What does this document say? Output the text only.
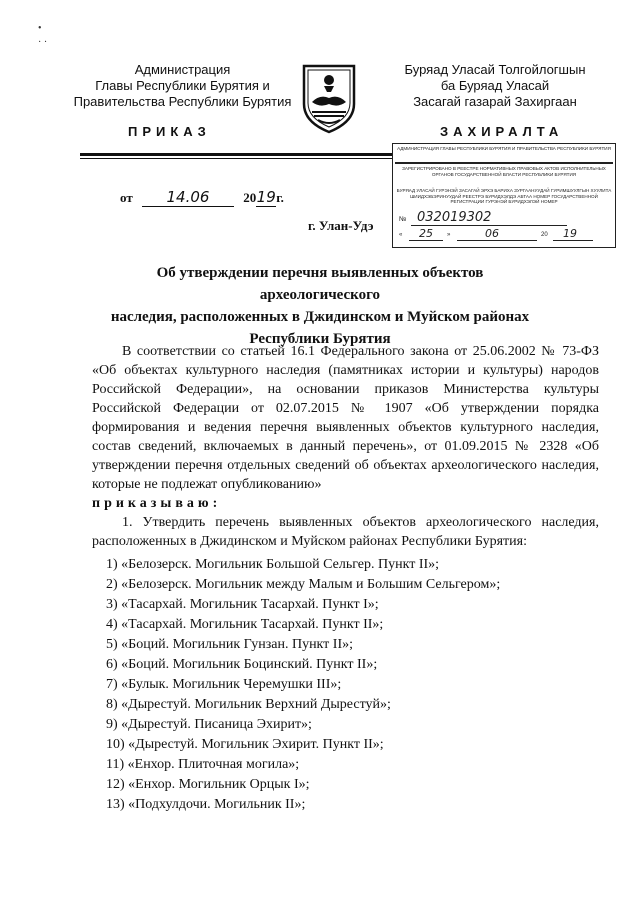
•
· ·
Администрация
Главы Республики Бурятия и
Правительства Республики Бурятия
Буряад Уласай Толгойлогшын
ба Буряад Уласай
Засагай газарай Захиргаан
ПРИКАЗ	ЗАХИРАЛТА
АДМИНИСТРАЦИЯ ГЛАВЫ РЕСПУБЛИКИ БУРЯТИЯ И ПРАВИТЕЛЬСТВА РЕСПУБЛИКИ БУРЯТИЯ
ЗАРЕГИСТРИРОВАНО В РЕЕСТРЕ НОРМАТИВНЫХ ПРАВОВЫХ АКТОВ ИСПОЛНИТЕЛЬНЫХ ОРГАНОВ ГОСУДАРСТВЕННОЙ ВЛАСТИ РЕСПУБЛИКИ БУРЯТИЯ
БУРЯАД УЛАСАЙ ГУРЭНЭЙ ЗАСАГАЙ ЭРХЭ БАРИХА ЗУРГААНУУДАЙ ГУРИМШУУЛГЫН ХУУЛИТА ШИИДХЭБЭРИНУУДАЙ РЕЕСТРЭ БУРИДХЭЛДЭ АБТАА НОМЕР ГОСУДАРСТВЕННОЙ РЕГИСТРАЦИИ ГУРЭНЭЙ БУРИДХЭЛЭЙ НОМЕР
№ 032019302
« 25 »	06	20 19
от 14.06	2019г.
г. Улан-Удэ
Об утверждении перечня выявленных объектов археологического
наследия, расположенных в Джидинском и Муйском районах
Республики Бурятия

В соответствии со статьей 16.1 Федерального закона от 25.06.2002 № 73-ФЗ «Об объектах культурного наследия (памятниках истории и культуры) народов Российской Федерации», на основании приказов Министерства культуры Российской Федерации от 02.07.2015 № 1907 «Об утверждении порядка формирования и ведения перечня выявленных объектов культурного наследия, состав сведений, включаемых в данный перечень», от 01.09.2015 № 2328 «Об утверждении перечня отдельных сведений об объектах археологического наследия, которые не подлежат опубликованию»

приказываю:

1. Утвердить перечень выявленных объектов археологического наследия, расположенных в Джидинском и Муйском районах Республики Бурятия:

1) «Белозерск. Могильник Большой Сельгер. Пункт II»;
2) «Белозерск. Могильник между Малым и Большим Сельгером»;
3) «Тасархай. Могильник Тасархай. Пункт I»;
4) «Тасархай. Могильник Тасархай. Пункт II»;
5) «Боций. Могильник Гунзан. Пункт II»;
6) «Боций. Могильник Боцинский. Пункт II»;
7) «Булык. Могильник Черемушки III»;
8) «Дырестуй. Могильник Верхний Дырестуй»;
9) «Дырестуй. Писаница Эхирит»;
10) «Дырестуй. Могильник Эхирит. Пункт II»;
11) «Енхор. Плиточная могила»;
12) «Енхор. Могильник Орцык I»;
13) «Подхулдочи. Могильник II»;
